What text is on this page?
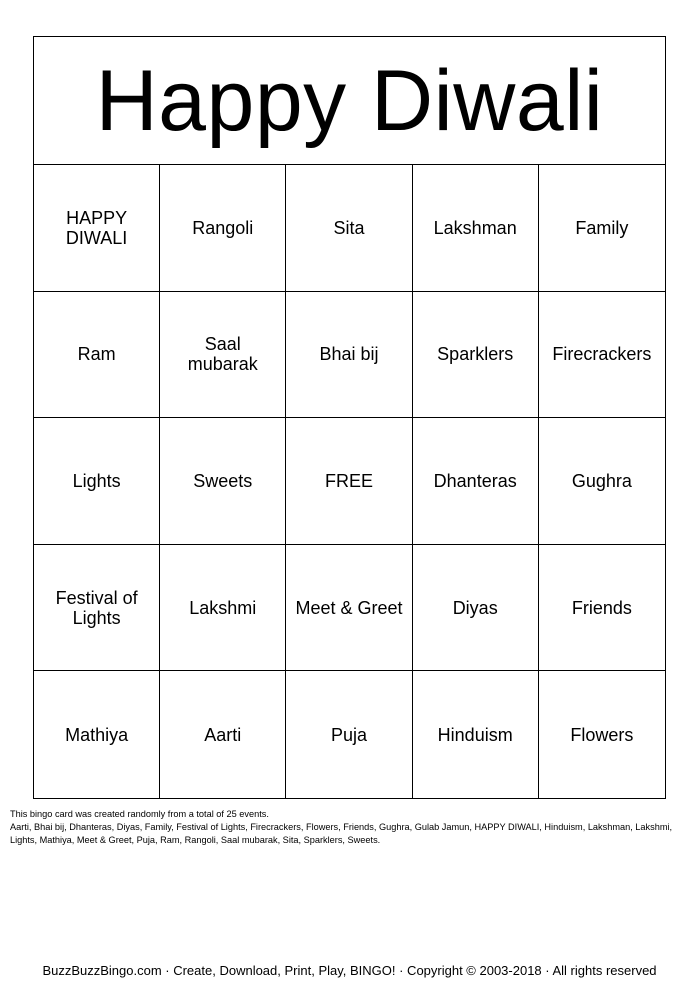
Happy Diwali
HAPPY DIWALI	Rangoli	Sita	Lakshman	Family
Ram	Saal mubarak	Bhai bij	Sparklers	Firecrackers
Lights	Sweets	FREE	Dhanteras	Gughra
Festival of Lights	Lakshmi	Meet & Greet	Diyas	Friends
Mathiya	Aarti	Puja	Hinduism	Flowers
This bingo card was created randomly from a total of 25 events.
Aarti, Bhai bij, Dhanteras, Diyas, Family, Festival of Lights, Firecrackers, Flowers, Friends, Gughra, Gulab Jamun, HAPPY DIWALI, Hinduism, Lakshman, Lakshmi, Lights, Mathiya, Meet & Greet, Puja, Ram, Rangoli, Saal mubarak, Sita, Sparklers, Sweets.
BuzzBuzzBingo.com · Create, Download, Print, Play, BINGO! · Copyright © 2003-2018 · All rights reserved
